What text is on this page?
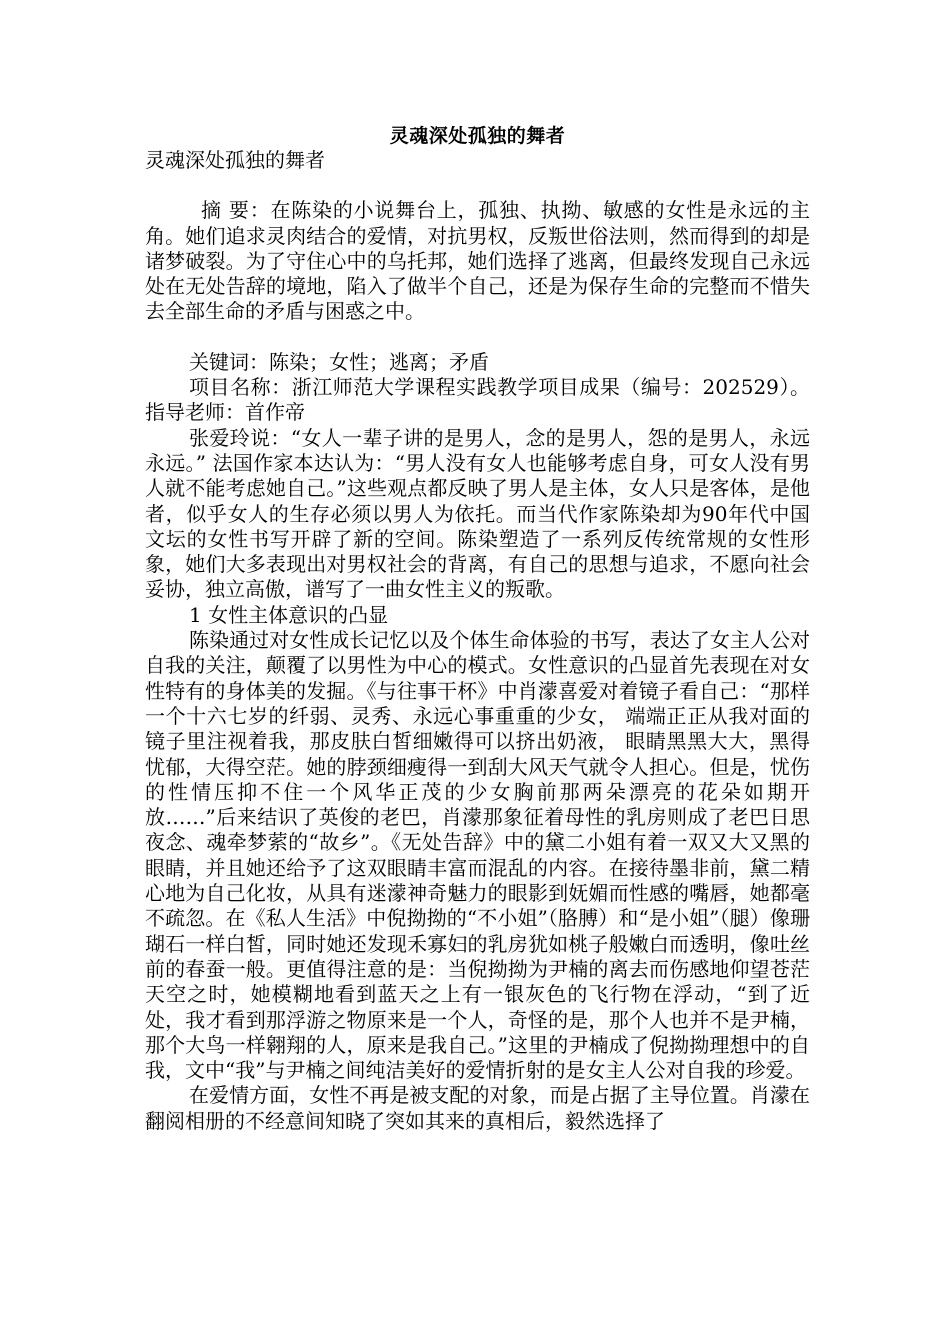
灵魂深处孤独的舞者

灵魂深处孤独的舞者

摘 要：在陈染的小说舞台上，孤独、执拗、敏感的女性是永远的主角。她们追求灵肉结合的爱情，对抗男权，反叛世俗法则，然而得到的却是诸梦破裂。为了守住心中的乌托邦，她们选择了逃离，但最终发现自己永远处在无处告辞的境地，陷入了做半个自己，还是为保存生命的完整而不惜失去全部生命的矛盾与困惑之中。

关键词：陈染；女性；逃离；矛盾

项目名称：浙江师范大学课程实践教学项目成果（编号：202529）。指导老师：首作帝

张爱玲说：“女人一辈子讲的是男人，念的是男人，怨的是男人，永远永远。” 法国作家本达认为：“男人没有女人也能够考虑自身，可女人没有男人就不能考虑她自己。”这些观点都反映了男人是主体，女人只是客体，是他者，似乎女人的生存必须以男人为依托。而当代作家陈染却为90年代中国文坛的女性书写开辟了新的空间。陈染塑造了一系列反传统常规的女性形象，她们大多表现出对男权社会的背离，有自己的思想与追求，不愿向社会妥协，独立高傲，谱写了一曲女性主义的叛歌。

1 女性主体意识的凸显

陈染通过对女性成长记忆以及个体生命体验的书写，表达了女主人公对自我的关注，颠覆了以男性为中心的模式。女性意识的凸显首先表现在对女性特有的身体美的发掘。《与往事干杯》中肖濛喜爱对着镜子看自己：“那样一个十六七岁的纤弱、灵秀、永远心事重重的少女， 端端正正从我对面的镜子里注视着我，那皮肤白皙细嫩得可以挤出奶液， 眼睛黑黑大大，黑得忧郁，大得空茫。她的脖颈细瘦得一到刮大风天气就令人担心。但是，忧伤的性情压抑不住一个风华正茂的少女胸前那两朵漂亮的花朵如期开放……”后来结识了英俊的老巴，肖濛那象征着母性的乳房则成了老巴日思夜念、魂牵梦萦的“故乡”。《无处告辞》中的黛二小姐有着一双又大又黑的眼睛，并且她还给予了这双眼睛丰富而混乱的内容。在接待墨非前，黛二精心地为自己化妆，从具有迷濛神奇魅力的眼影到妩媚而性感的嘴唇，她都毫不疏忽。在《私人生活》中倪拗拗的“不小姐”（胳膊）和“是小姐”（腿）像珊瑚石一样白皙，同时她还发现禾寡妇的乳房犹如桃子般嫩白而透明，像吐丝前的春蚕一般。更值得注意的是：当倪拗拗为尹楠的离去而伤感地仰望苍茫天空之时，她模糊地看到蓝天之上有一银灰色的飞行物在浮动，“到了近处，我才看到那浮游之物原来是一个人，奇怪的是，那个人也并不是尹楠，那个大鸟一样翱翔的人，原来是我自己。”这里的尹楠成了倪拗拗理想中的自我，文中“我”与尹楠之间纯洁美好的爱情折射的是女主人公对自我的珍爱。

在爱情方面，女性不再是被支配的对象，而是占据了主导位置。肖濛在翻阅相册的不经意间知晓了突如其来的真相后，毅然选择了
